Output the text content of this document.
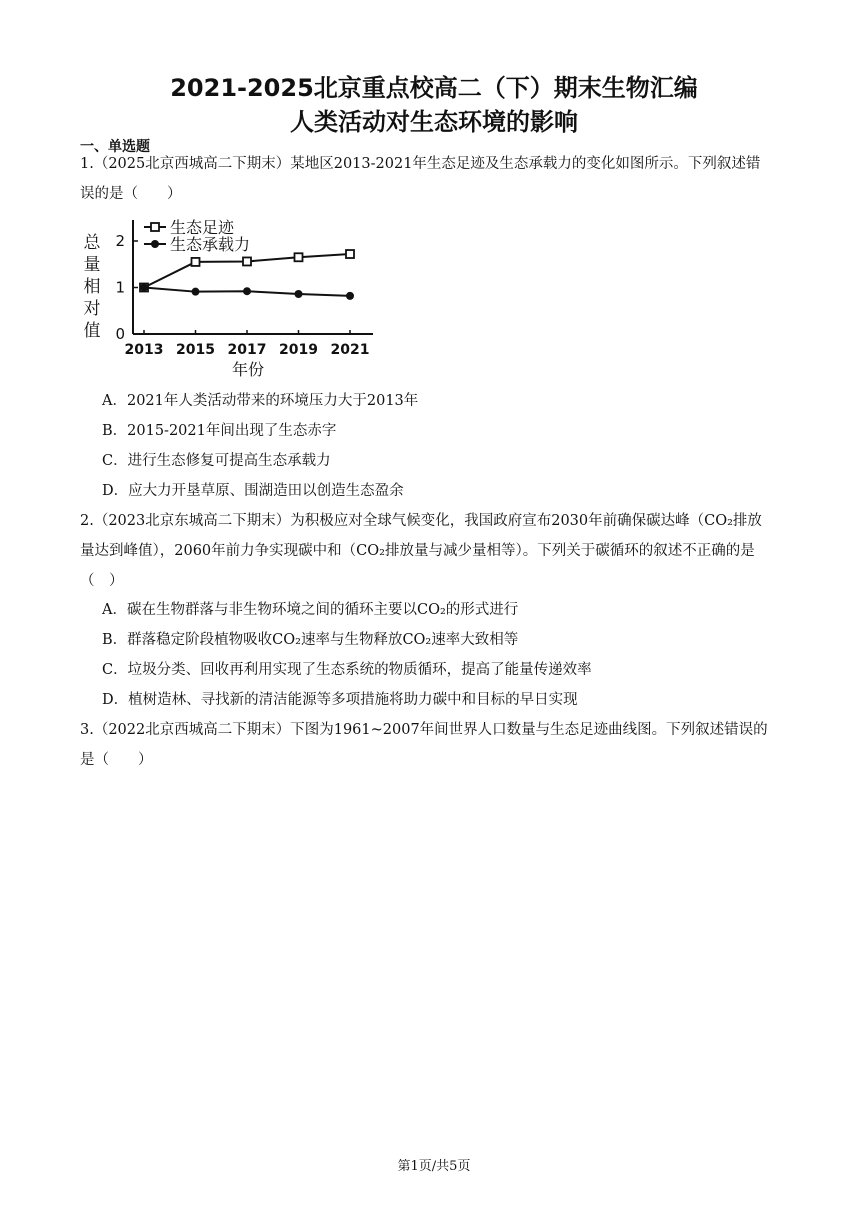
2021-2025北京重点校高二（下）期末生物汇编
人类活动对生态环境的影响
一、单选题
1.（2025北京西城高二下期末）某地区2013-2021年生态足迹及生态承载力的变化如图所示。下列叙述错
误的是（　　）
0
1
2
2013 2015 2017 2019 2021
生态足迹
生态承载力
总
量
相
对
值
年份
A．2021年人类活动带来的环境压力大于2013年
B．2015-2021年间出现了生态赤字
C．进行生态修复可提高生态承载力
D．应大力开垦草原、围湖造田以创造生态盈余
2.（2023北京东城高二下期末）为积极应对全球气候变化，我国政府宣布2030年前确保碳达峰（CO₂排放
量达到峰值），2060年前力争实现碳中和（CO₂排放量与减少量相等）。下列关于碳循环的叙述不正确的是
（　）
A．碳在生物群落与非生物环境之间的循环主要以CO₂的形式进行
B．群落稳定阶段植物吸收CO₂速率与生物释放CO₂速率大致相等
C．垃圾分类、回收再利用实现了生态系统的物质循环，提高了能量传递效率
D．植树造林、寻找新的清洁能源等多项措施将助力碳中和目标的早日实现
3.（2022北京西城高二下期末）下图为1961~2007年间世界人口数量与生态足迹曲线图。下列叙述错误的
是（　　）
第1页/共5页
